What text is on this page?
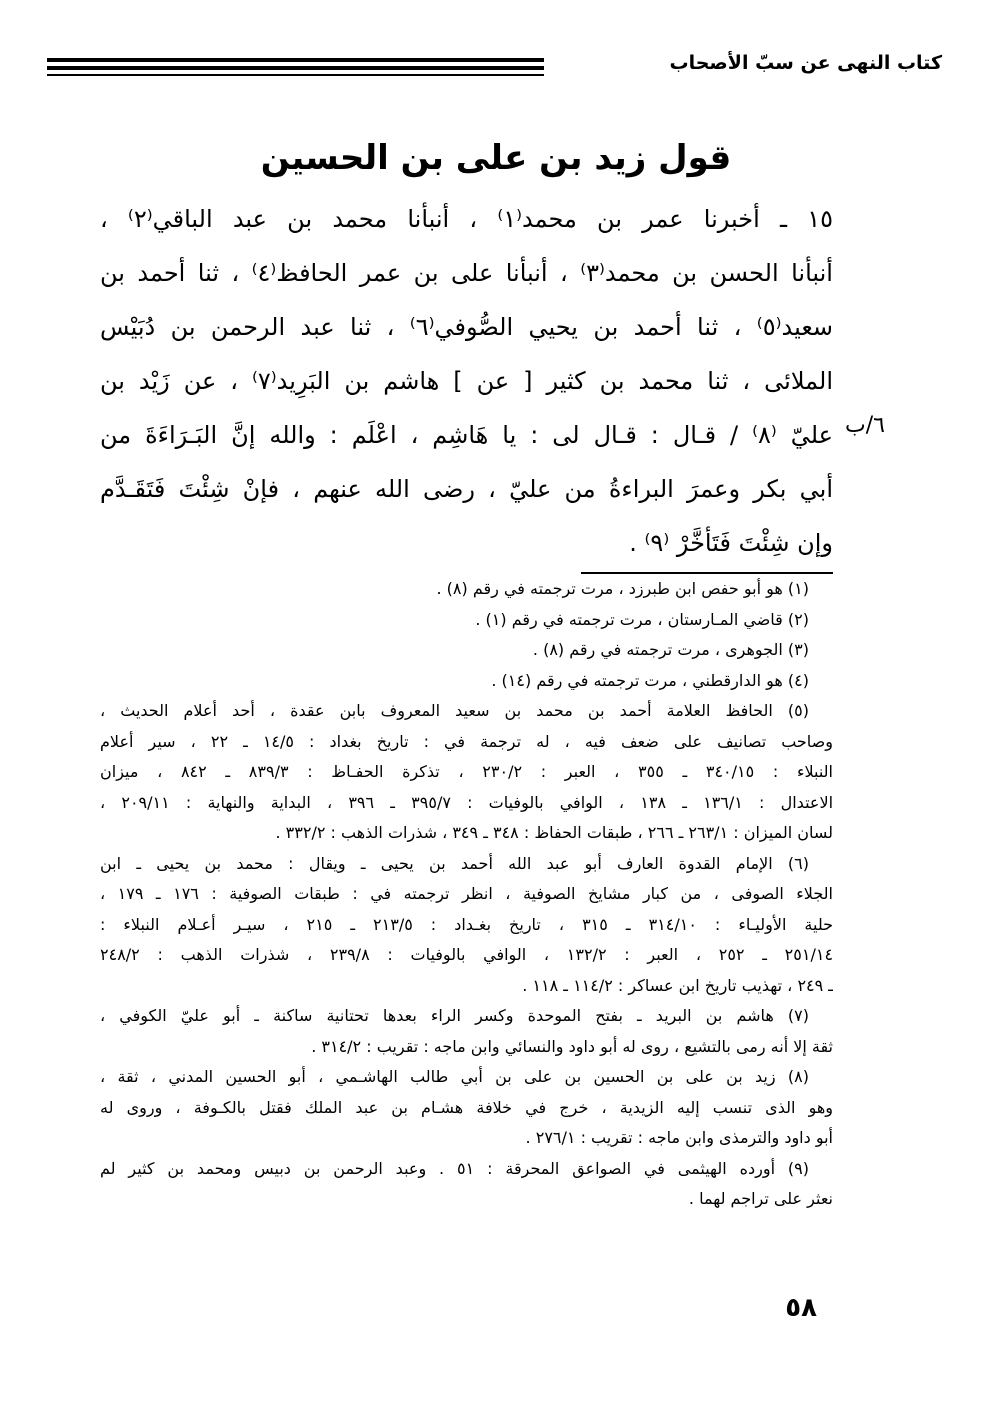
كتاب النهى عن سبّ الأصحاب
قول زيد بن على بن الحسين
١٥ ـ أخبرنا عمر بن محمد⁽١⁾ ، أنبأنا محمد بن عبد الباقي⁽٢⁾ ،
أنبأنا الحسن بن محمد⁽٣⁾ ، أنبأنا على بن عمر الحافظ⁽٤⁾ ، ثنا أحمد بن
سعيد⁽٥⁾ ، ثنا أحمد بن يحيي الصُّوفي⁽٦⁾ ، ثنا عبد الرحمن بن دُبَيْس
الملائى ، ثنا محمد بن كثير [ عن ] هاشم بن البَرِيد⁽٧⁾ ، عن زَيْد بن
عليّ ⁽٨⁾ / قـال : قـال لى : يا هَاشِم ، اعْلَم : والله إنَّ البَـرَاءَةَ من
أبي بكر وعمرَ البراءةُ من عليّ ، رضى الله عنهم ، فإنْ شِئْتَ فَتَقَـدَّم
وإن شِئْتَ فَتَأخَّرْ ⁽٩⁾ .
٦/ب
(١) هو أبو حفص ابن طبرزد ، مرت ترجمته في رقم (٨) .
(٢) قاضي المـارستان ، مرت ترجمته في رقم (١) .
(٣) الجوهرى ، مرت ترجمته في رقم (٨) .
(٤) هو الدارقطني ، مرت ترجمته في رقم (١٤) .
(٥) الحافظ العلامة أحمد بن محمد بن سعيد المعروف بابن عقدة ، أحد أعلام الحديث ،
وصاحب تصانيف على ضعف فيه ، له ترجمة في : تاريخ بغداد : ١٤/٥ ـ ٢٢ ، سير أعلام
النبلاء : ٣٤٠/١٥ ـ ٣٥٥ ، العبر : ٢٣٠/٢ ، تذكرة الحفـاظ : ٨٣٩/٣ ـ ٨٤٢ ، ميزان
الاعتدال : ١٣٦/١ ـ ١٣٨ ، الوافي بالوفيات : ٣٩٥/٧ ـ ٣٩٦ ، البداية والنهاية : ٢٠٩/١١ ،
لسان الميزان : ٢٦٣/١ ـ ٢٦٦ ، طبقات الحفاظ : ٣٤٨ ـ ٣٤٩ ، شذرات الذهب : ٣٣٢/٢ .
(٦) الإمام القدوة العارف أبو عبد الله أحمد بن يحيى ـ ويقال : محمد بن يحيى ـ ابن
الجلاء الصوفى ، من كبار مشايخ الصوفية ، انظر ترجمته في : طبقات الصوفية : ١٧٦ ـ ١٧٩ ،
حلية الأوليـاء : ٣١٤/١٠ ـ ٣١٥ ، تاريخ بغـداد : ٢١٣/٥ ـ ٢١٥ ، سيـر أعـلام النبلاء :
٢٥١/١٤ ـ ٢٥٢ ، العبر : ١٣٢/٢ ، الوافي بالوفيات : ٢٣٩/٨ ، شذرات الذهب : ٢٤٨/٢
ـ ٢٤٩ ، تهذيب تاريخ ابن عساكر : ١١٤/٢ ـ ١١٨ .
(٧) هاشم بن البريد ـ بفتح الموحدة وكسر الراء بعدها تحتانية ساكنة ـ أبو عليّ الكوفي ،
ثقة إلا أنه رمى بالتشيع ، روى له أبو داود والنسائي وابن ماجه : تقريب : ٣١٤/٢ .
(٨) زيد بن على بن الحسين بن على بن أبي طالب الهاشـمي ، أبو الحسين المدني ، ثقة ،
وهو الذى تنسب إليه الزيدية ، خرج في خلافة هشـام بن عبد الملك فقتل بالكـوفة ، وروى له
أبو داود والترمذى وابن ماجه : تقريب : ٢٧٦/١ .
(٩) أورده الهيثمى في الصواعق المحرقة : ٥١ . وعبد الرحمن بن دبيس ومحمد بن كثير لم
نعثر على تراجم لهما .
٥٨
